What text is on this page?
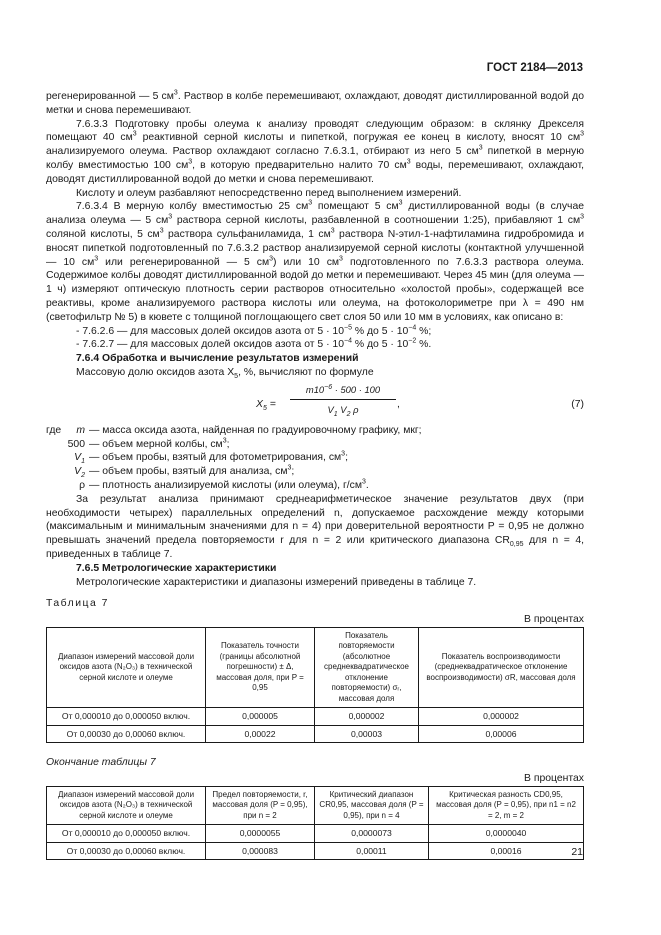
ГОСТ 2184—2013

регенерированной — 5 $см^3$. Раствор в колбе перемешивают, охлаждают, доводят дистиллированной водой до метки и снова перемешивают.

7.6.3.3 Подготовку пробы олеума к анализу проводят следующим образом: в склянку Дрекселя помещают 40 $см^3$ реактивной серной кислоты и пипеткой, погружая ее конец в кислоту, вносят 10 $см^3$ анализируемого олеума. Раствор охлаждают согласно 7.6.3.1, отбирают из него 5 $см^3$ пипеткой в мерную колбу вместимостью 100 $см^3$, в которую предварительно налито 70 $см^3$ воды, перемешивают, охлаждают, доводят дистиллированной водой до метки и снова перемешивают.

Кислоту и олеум разбавляют непосредственно перед выполнением измерений.

7.6.3.4 В мерную колбу вместимостью 25 $см^3$ помещают 5 $см^3$ дистиллированной воды (в случае анализа олеума — 5 $см^3$ раствора серной кислоты, разбавленной в соотношении 1:25), прибавляют 1 $см^3$ соляной кислоты, 5 $см^3$ раствора сульфаниламида, 1 $см^3$ раствора N-этил-1-нафтиламина гидробромида и вносят пипеткой подготовленный по 7.6.3.2 раствор анализируемой серной кислоты (контактной улучшенной — 10 $см^3$ или регенерированной — 5 $см^3$) или 10 $см^3$ подготовленного по 7.6.3.3 раствора олеума. Содержимое колбы доводят дистиллированной водой до метки и перемешивают. Через 45 мин (для олеума — 1 ч) измеряют оптическую плотность серии растворов относительно «холостой пробы», содержащей все реактивы, кроме анализируемого раствора кислоты или олеума, на фотоколориметре при λ = 490 нм (светофильтр № 5) в кювете с толщиной поглощающего свет слоя 50 или 10 мм в условиях, как описано в:

- 7.6.2.6 — для массовых долей оксидов азота от $5 \cdot 10^{-5}$ % до $5 \cdot 10^{-4}$ %;

- 7.6.2.7 — для массовых долей оксидов азота от $5 \cdot 10^{-4}$ % до $5 \cdot 10^{-2}$ %.

7.6.4 Обработка и вычисление результатов измерений

Массовую долю оксидов азота $X_5$, %, вычисляют по формуле

$X_5 = \frac{m10^{-6} \cdot 500 \cdot 100}{V_1 V_2 \rho}$ ,	(7)
где	m — масса оксида азота, найденная по градуировочному графику, мкг;
500 — объем мерной колбы, $см^3$;
$V_1$ — объем пробы, взятый для фотометрирования, $см^3$;
$V_2$ — объем пробы, взятый для анализа, $см^3$;
ρ — плотность анализируемой кислоты (или олеума), $г/см^3$.

За результат анализа принимают среднеарифметическое значение результатов двух (при необходимости четырех) параллельных определений n, допускаемое расхождение между которыми (максимальным и минимальным значениями для n = 4) при доверительной вероятности P = 0,95 не должно превышать значений предела повторяемости r для n = 2 или критического диапазона $CR_{0,95}$ для n = 4, приведенных в таблице 7.

7.6.5 Метрологические характеристики

Метрологические характеристики и диапазоны измерений приведены в таблице 7.

Таблица 7
В процентах
Диапазон измерений массовой доли оксидов азота (N₂O₃) в технической серной кислоте и олеуме	Показатель точности (границы абсолютной погрешности) ± Δ, массовая доля, при P = 0,95	Показатель повторяемости (абсолютное среднеквадратическое отклонение повторяемости) σᵣ, массовая доля	Показатель воспроизводимости (среднеквадратическое отклонение воспроизводимости) σR, массовая доля
От 0,000010 до 0,000050 включ.	0,000005	0,000002	0,000002
От 0,00030 до 0,00060 включ.	0,00022	0,00003	0,00006
Окончание таблицы 7
В процентах
Диапазон измерений массовой доли оксидов азота (N₂O₃) в технической серной кислоте и олеуме	Предел повторяемости, r, массовая доля (P = 0,95), при n = 2	Критический диапазон CR0,95, массовая доля (P = 0,95), при n = 4	Критическая разность CD0,95, массовая доля (P = 0,95), при n1 = n2 = 2, m = 2
От 0,000010 до 0,000050 включ.	0,0000055	0,0000073	0,0000040
От 0,00030 до 0,00060 включ.	0,000083	0,00011	0,00016	21
